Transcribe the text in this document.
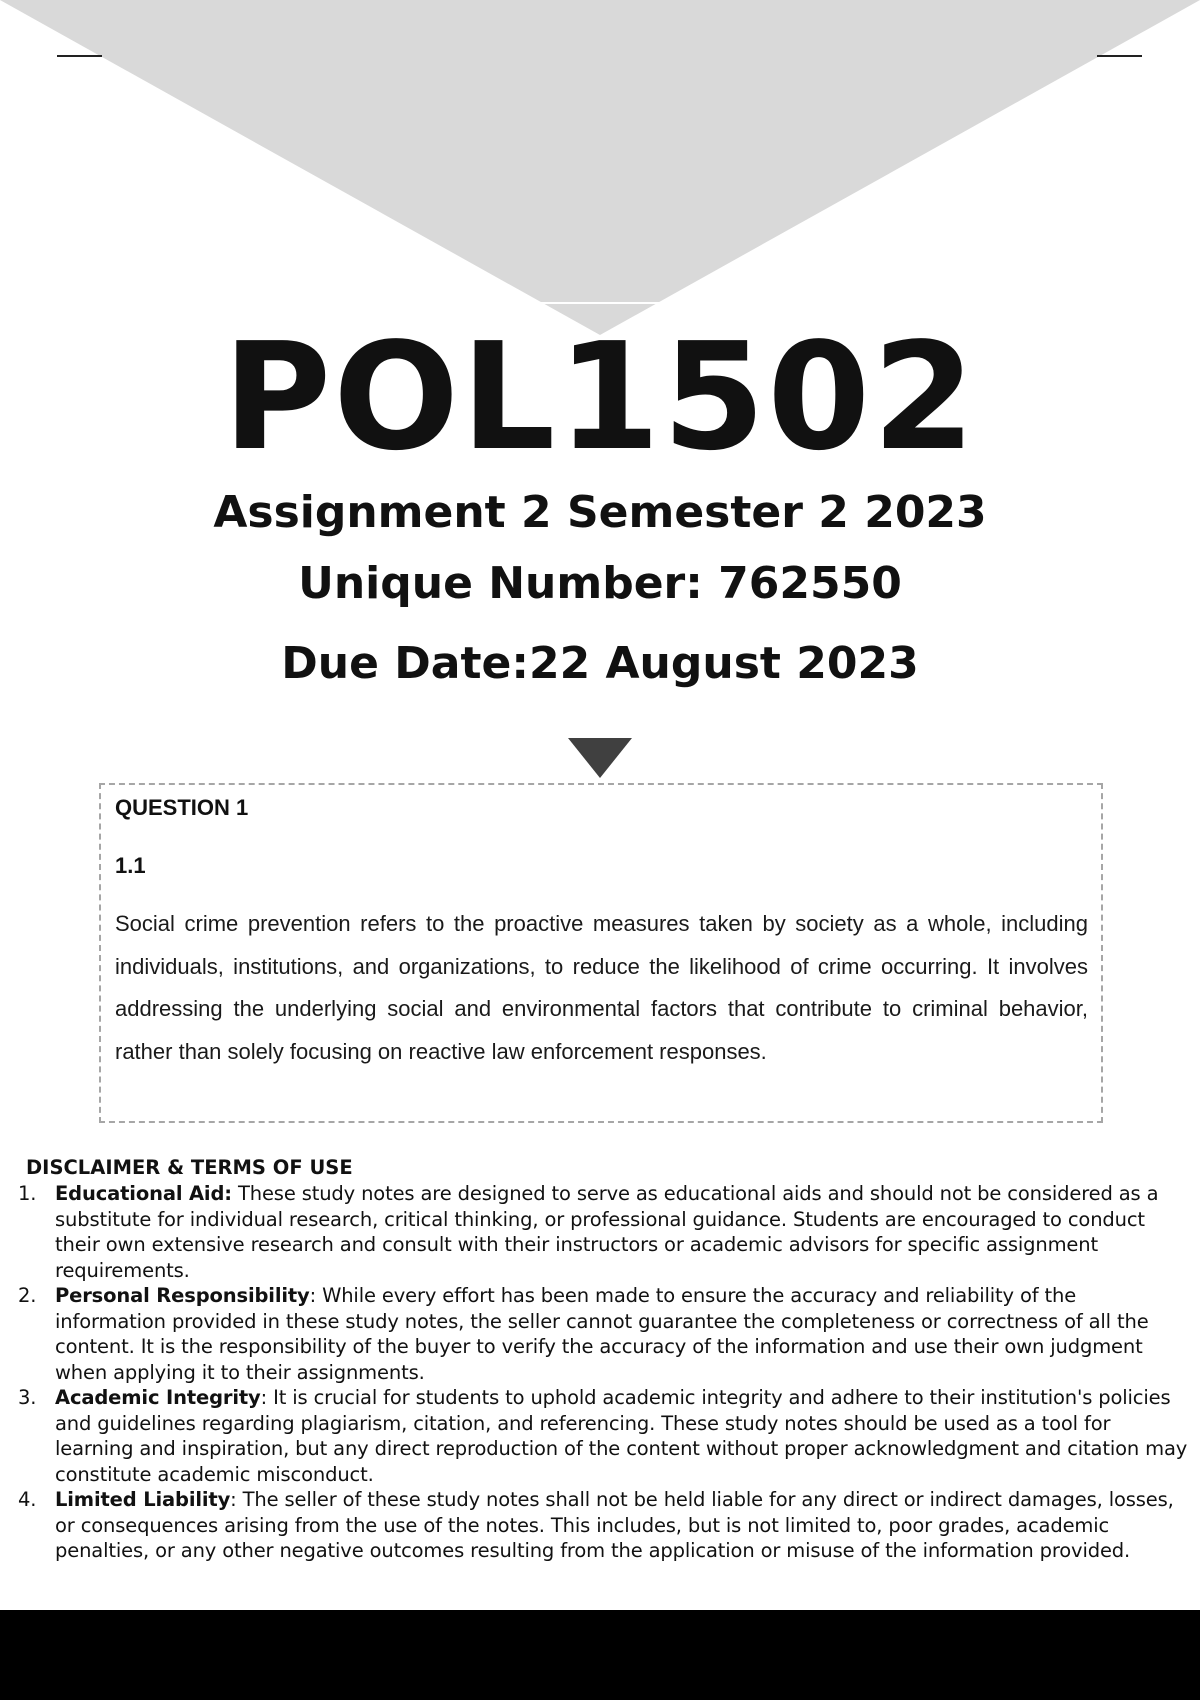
POL1502
Assignment 2 Semester 2 2023
Unique Number: 762550
Due Date:22 August 2023
QUESTION 1
1.1
Social crime prevention refers to the proactive measures taken by society as a whole, including individuals, institutions, and organizations, to reduce the likelihood of crime occurring. It involves addressing the underlying social and environmental factors that contribute to criminal behavior, rather than solely focusing on reactive law enforcement responses.
DISCLAIMER & TERMS OF USE
1. Educational Aid: These study notes are designed to serve as educational aids and should not be considered as a substitute for individual research, critical thinking, or professional guidance. Students are encouraged to conduct their own extensive research and consult with their instructors or academic advisors for specific assignment requirements.
2. Personal Responsibility: While every effort has been made to ensure the accuracy and reliability of the information provided in these study notes, the seller cannot guarantee the completeness or correctness of all the content. It is the responsibility of the buyer to verify the accuracy of the information and use their own judgment when applying it to their assignments.
3. Academic Integrity: It is crucial for students to uphold academic integrity and adhere to their institution's policies and guidelines regarding plagiarism, citation, and referencing. These study notes should be used as a tool for learning and inspiration, but any direct reproduction of the content without proper acknowledgment and citation may constitute academic misconduct.
4. Limited Liability: The seller of these study notes shall not be held liable for any direct or indirect damages, losses, or consequences arising from the use of the notes. This includes, but is not limited to, poor grades, academic penalties, or any other negative outcomes resulting from the application or misuse of the information provided.
